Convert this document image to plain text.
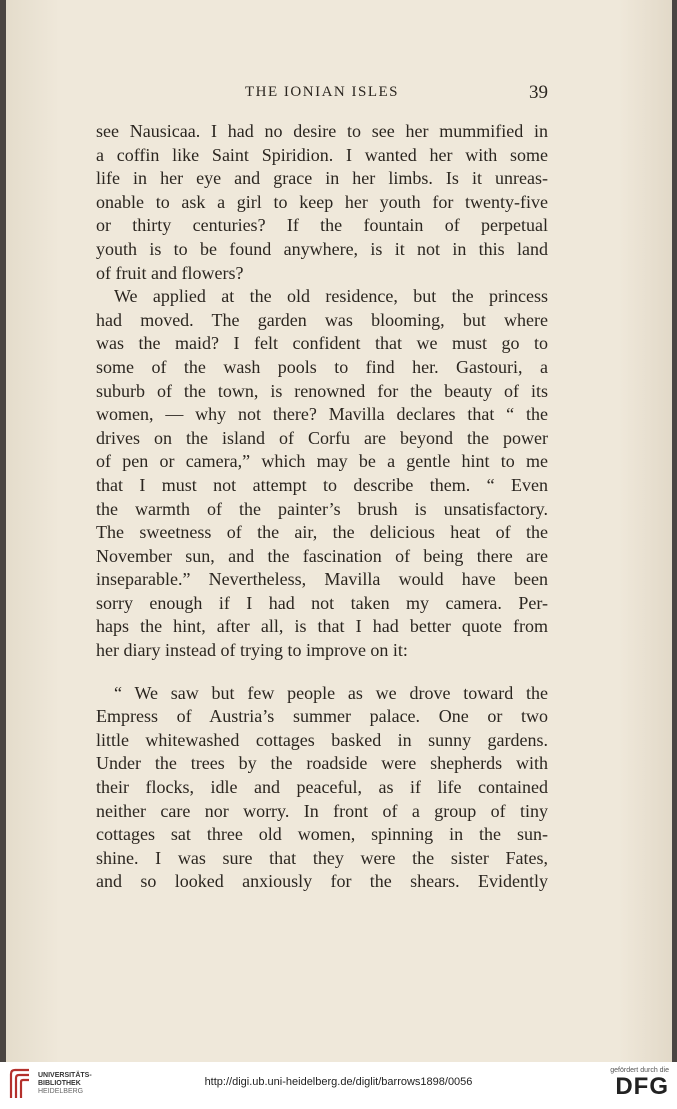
THE IONIAN ISLES	39

see Nausicaa. I had no desire to see her mummified in

a coffin like Saint Spiridion. I wanted her with some

life in her eye and grace in her limbs. Is it unreas-

onable to ask a girl to keep her youth for twenty-five

or thirty centuries? If the fountain of perpetual

youth is to be found anywhere, is it not in this land

of fruit and flowers?

We applied at the old residence, but the princess

had moved. The garden was blooming, but where

was the maid? I felt confident that we must go to

some of the wash pools to find her. Gastouri, a

suburb of the town, is renowned for the beauty of its

women, — why not there? Mavilla declares that “ the

drives on the island of Corfu are beyond the power

of pen or camera,” which may be a gentle hint to me

that I must not attempt to describe them. “ Even

the warmth of the painter’s brush is unsatisfactory.

The sweetness of the air, the delicious heat of the

November sun, and the fascination of being there are

inseparable.” Nevertheless, Mavilla would have been

sorry enough if I had not taken my camera. Per-

haps the hint, after all, is that I had better quote from

her diary instead of trying to improve on it:

“ We saw but few people as we drove toward the

Empress of Austria’s summer palace. One or two

little whitewashed cottages basked in sunny gardens.

Under the trees by the roadside were shepherds with

their flocks, idle and peaceful, as if life contained

neither care nor worry. In front of a group of tiny

cottages sat three old women, spinning in the sun-

shine. I was sure that they were the sister Fates,

and so looked anxiously for the shears. Evidently

UNIVERSITÄTS-
BIBLIOTHEK
HEIDELBERG
http://digi.ub.uni-heidelberg.de/diglit/barrows1898/0056
gefördert durch die
DFG
